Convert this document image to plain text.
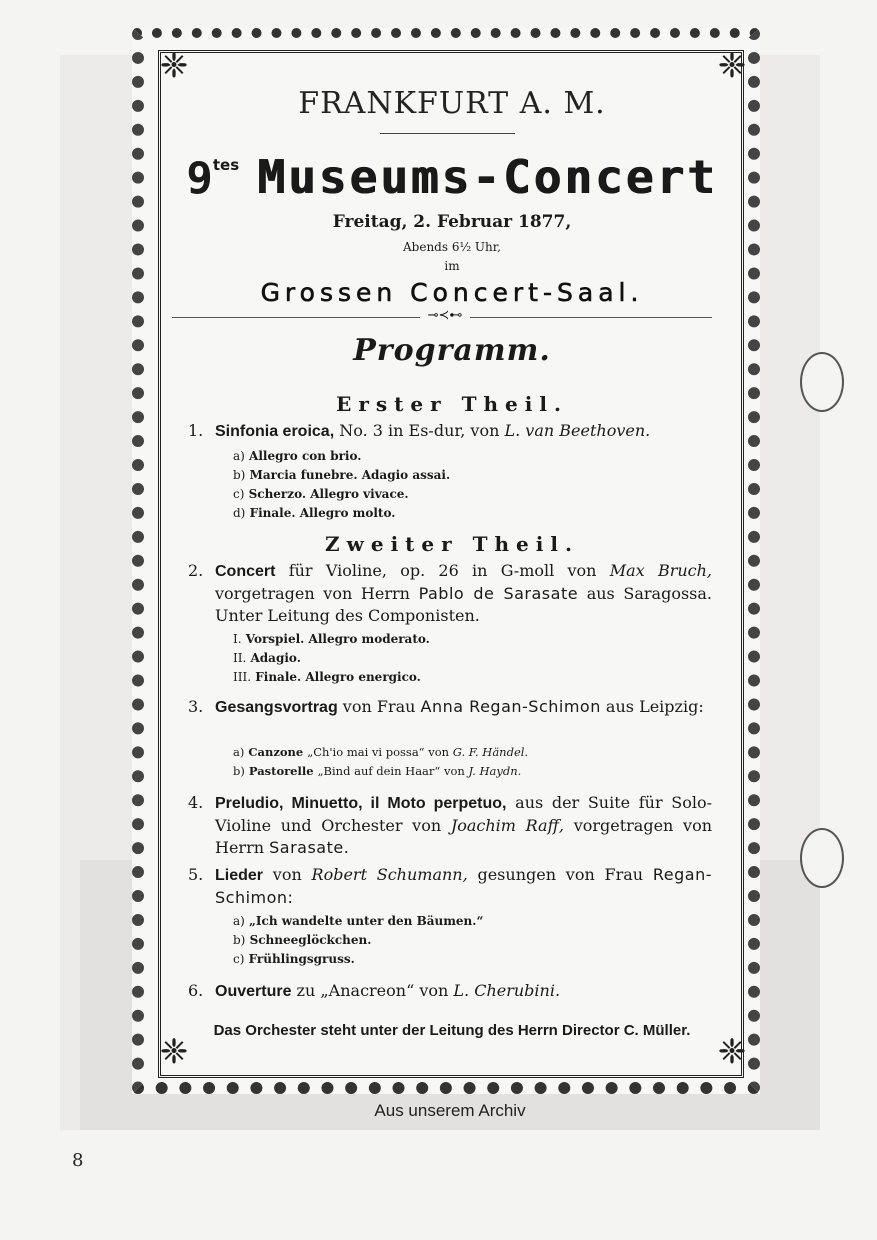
❈	❈
❈	❈
FRANKFURT A. M.
9tes Museums-Concert
Freitag, 2. Februar 1877,
Abends 6½ Uhr,
im
Grossen Concert-Saal.
⊸≺⊷
Programm.
Erster Theil.
1. Sinfonia eroica, No. 3 in Es-dur, von L. van Beethoven.
a) Allegro con brio.
b) Marcia funebre. Adagio assai.
c) Scherzo. Allegro vivace.
d) Finale. Allegro molto.
Zweiter Theil.
2. Concert für Violine, op. 26 in G-moll von Max Bruch, vorgetragen von Herrn Pablo de Sarasate aus Saragossa. Unter Leitung des Componisten.
I. Vorspiel. Allegro moderato.
II. Adagio.
III. Finale. Allegro energico.
3. Gesangsvortrag von Frau Anna Regan-Schimon aus Leipzig:
a) Canzone „Ch'io mai vi possa“ von G. F. Händel.
b) Pastorelle „Bind auf dein Haar“ von J. Haydn.
4. Preludio, Minuetto, il Moto perpetuo, aus der Suite für Solo-Violine und Orchester von Joachim Raff, vorgetragen von Herrn Sarasate.
5. Lieder von Robert Schumann, gesungen von Frau Regan-Schimon:
a) „Ich wandelte unter den Bäumen.“
b) Schneeglöckchen.
c) Frühlingsgruss.
6. Ouverture zu „Anacreon“ von L. Cherubini.
Das Orchester steht unter der Leitung des Herrn Director C. Müller.
Aus unserem Archiv
8
